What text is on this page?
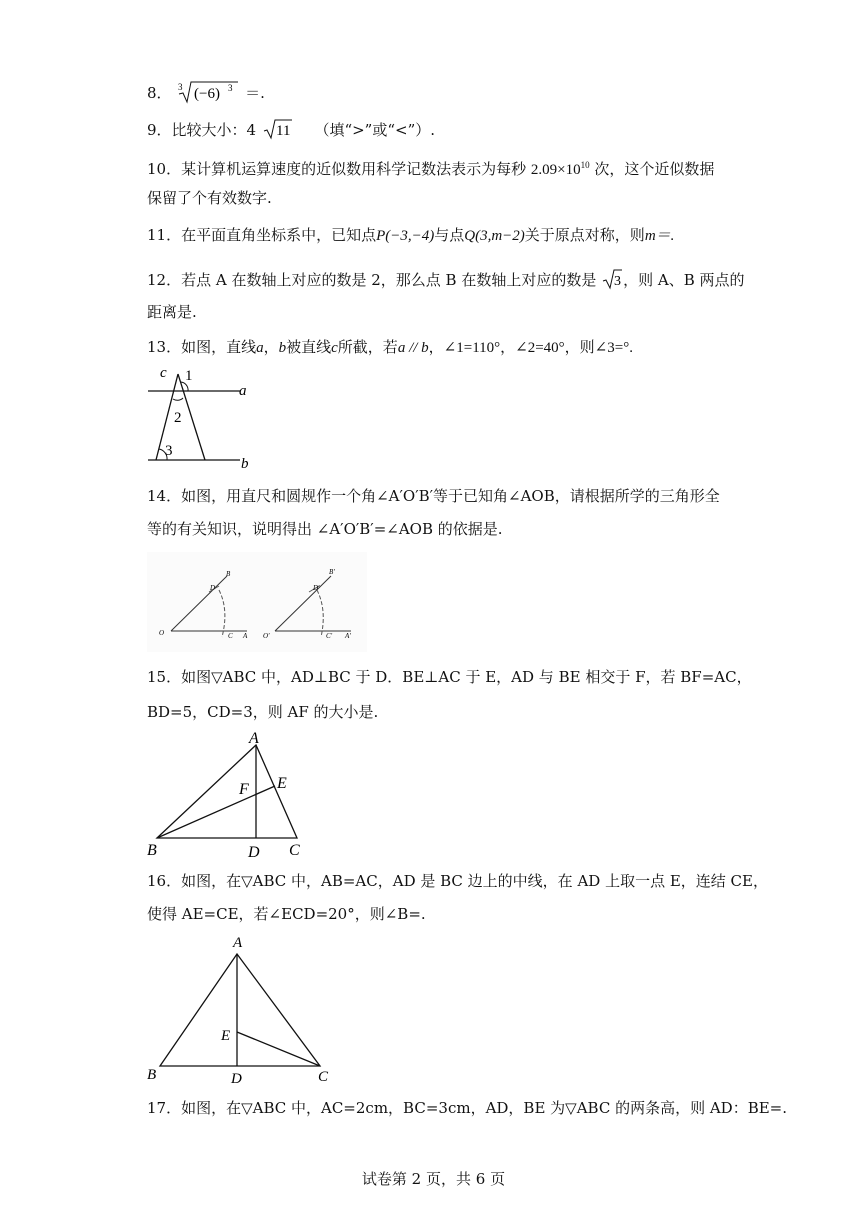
8． 3 (−6) 3 ＝.
9．比较大小：4 11 （填“>”或“<”）.
10．某计算机运算速度的近似数用科学记数法表示为每秒 $2.09\times 10^{10}$ 次，这个近似数据
保留了个有效数字.
11．在平面直角坐标系中，已知点P(−3,−4)与点Q(3,m−2)关于原点对称，则m＝.
12．若点 A 在数轴上对应的数是 2，那么点 B 在数轴上对应的数是 3 ，则 A、B 两点的
距离是.
13．如图，直线a，b被直线c所截，若a // b，∠1=110°，∠2=40°，则∠3=°.
c 1
a
2
3
b
14．如图，用直尺和圆规作一个角∠A′O′B′等于已知角∠AOB，请根据所学的三角形全
等的有关知识，说明得出 ∠A′O′B′=∠AOB 的依据是.
B
D
O	C A
B′
D′
O′	C′ A′
15．如图▽ABC 中，AD⊥BC 于 D．BE⊥AC 于 E，AD 与 BE 相交于 F，若 BF=AC，
BD=5，CD=3，则 AF 的大小是.
A
E
F
B	D C
16．如图，在▽ABC 中，AB=AC，AD 是 BC 边上的中线，在 AD 上取一点 E，连结 CE，
使得 AE=CE，若∠ECD=20°，则∠B=.
A
E
B	D	C
17．如图，在▽ABC 中，AC=2cm，BC=3cm，AD，BE 为▽ABC 的两条高，则 AD：BE=.
试卷第 2 页，共 6 页
